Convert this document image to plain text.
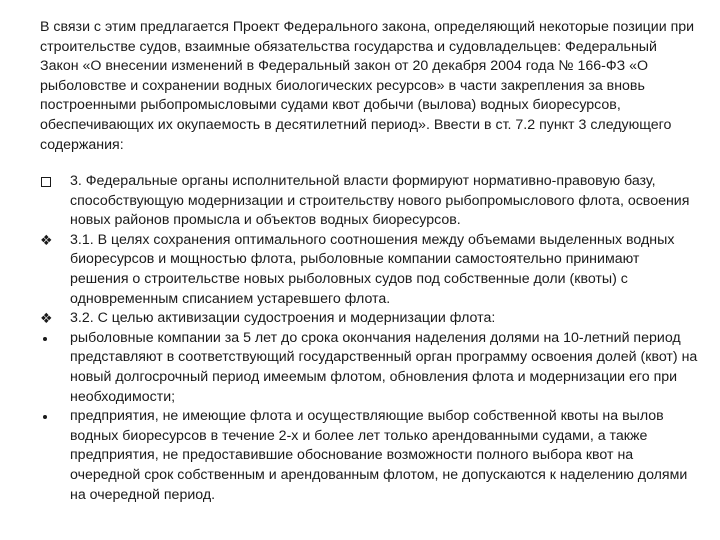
В связи с этим предлагается Проект Федерального закона, определяющий некоторые позиции при строительстве судов, взаимные обязательства государства и судовладельцев: Федеральный Закон «О внесении изменений в Федеральный закон от 20 декабря 2004 года № 166-ФЗ «О рыболовстве и сохранении водных биологических ресурсов» в части закрепления за вновь построенными рыбопромысловыми судами квот добычи (вылова) водных биоресурсов, обеспечивающих их окупаемость в десятилетний период». Ввести в ст. 7.2 пункт 3 следующего содержания:

3. Федеральные органы исполнительной власти формируют нормативно-правовую базу, способствующую модернизации и строительству нового рыбопромыслового флота, освоения новых районов промысла и объектов водных биоресурсов.
❖ 3.1. В целях сохранения оптимального соотношения между объемами выделенных водных биоресурсов и мощностью флота, рыболовные компании самостоятельно принимают решения о строительстве новых рыболовных судов под собственные доли (квоты) с одновременным списанием устаревшего флота.
❖ 3.2. С целью активизации судостроения и модернизации флота:
рыболовные компании за 5 лет до срока окончания наделения долями на 10-летний период представляют в соответствующий государственный орган программу освоения долей (квот) на новый долгосрочный период имеемым флотом, обновления флота и модернизации его при необходимости;
предприятия, не имеющие флота и осуществляющие выбор собственной квоты на вылов водных биоресурсов в течение 2-х и более лет только арендованными судами, а также предприятия, не предоставившие обоснование возможности полного выбора квот на очередной срок собственным и арендованным флотом, не допускаются к наделению долями на очередной период.
